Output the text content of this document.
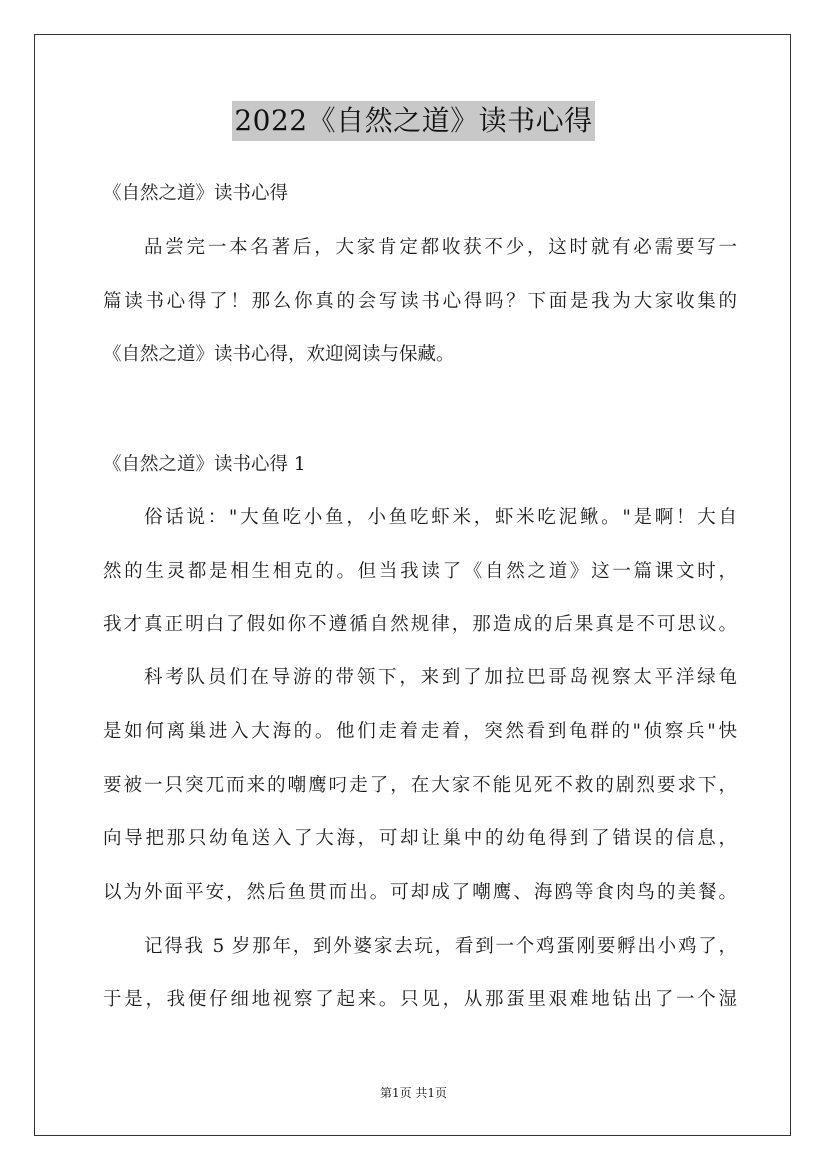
2022《自然之道》读书心得
《自然之道》读书心得
品尝完一本名著后，大家肯定都收获不少，这时就有必需要写一
篇读书心得了！那么你真的会写读书心得吗？下面是我为大家收集的
《自然之道》读书心得，欢迎阅读与保藏。
《自然之道》读书心得 1
俗话说："大鱼吃小鱼，小鱼吃虾米，虾米吃泥鳅。"是啊！大自
然的生灵都是相生相克的。但当我读了《自然之道》这一篇课文时，
我才真正明白了假如你不遵循自然规律，那造成的后果真是不可思议。
科考队员们在导游的带领下，来到了加拉巴哥岛视察太平洋绿龟
是如何离巢进入大海的。他们走着走着，突然看到龟群的"侦察兵"快
要被一只突兀而来的嘲鹰叼走了，在大家不能见死不救的剧烈要求下，
向导把那只幼龟送入了大海，可却让巢中的幼龟得到了错误的信息，
以为外面平安，然后鱼贯而出。可却成了嘲鹰、海鸥等食肉鸟的美餐。
记得我 5 岁那年，到外婆家去玩，看到一个鸡蛋刚要孵出小鸡了，
于是，我便仔细地视察了起来。只见，从那蛋里艰难地钻出了一个湿
第1页 共1页
